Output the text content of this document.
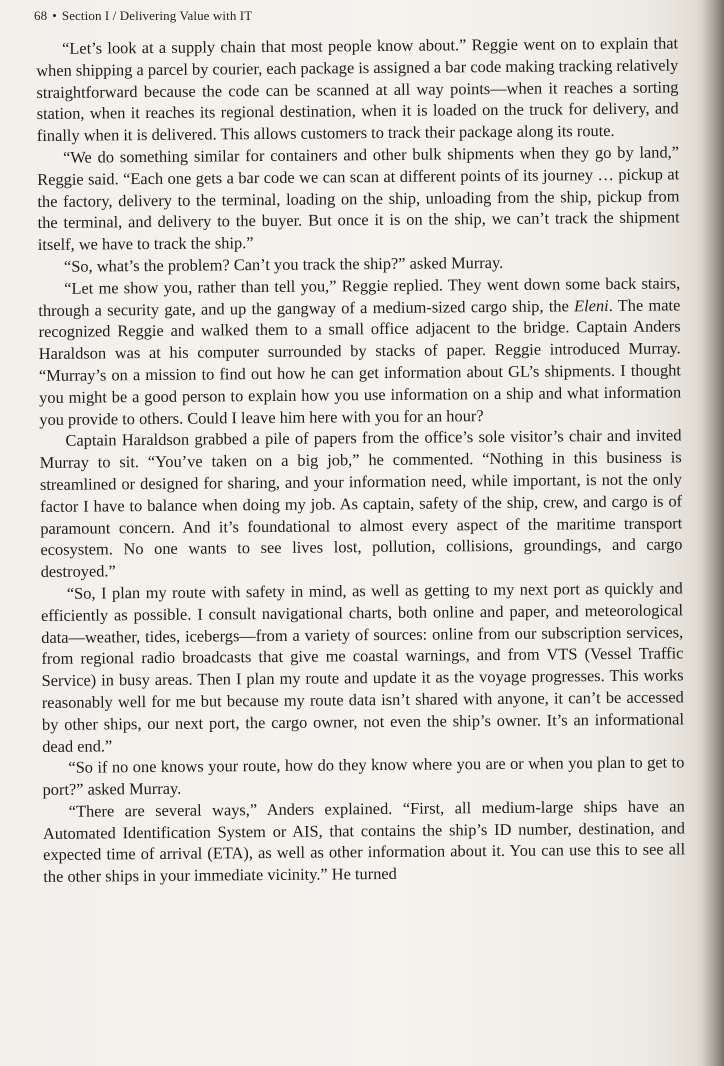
68 • Section I / Delivering Value with IT

“Let’s look at a supply chain that most people know about.” Reggie went on to explain that when shipping a parcel by courier, each package is assigned a bar code making tracking relatively straightforward because the code can be scanned at all way points—when it reaches a sorting station, when it reaches its regional destination, when it is loaded on the truck for delivery, and finally when it is delivered. This allows customers to track their package along its route.

“We do something similar for containers and other bulk shipments when they go by land,” Reggie said. “Each one gets a bar code we can scan at different points of its journey … pickup at the factory, delivery to the terminal, loading on the ship, unloading from the ship, pickup from the terminal, and delivery to the buyer. But once it is on the ship, we can’t track the shipment itself, we have to track the ship.”

“So, what’s the problem? Can’t you track the ship?” asked Murray.

“Let me show you, rather than tell you,” Reggie replied. They went down some back stairs, through a security gate, and up the gangway of a medium-sized cargo ship, the Eleni. The mate recognized Reggie and walked them to a small office adjacent to the bridge. Captain Anders Haraldson was at his computer surrounded by stacks of paper. Reggie introduced Murray. “Murray’s on a mission to find out how he can get information about GL’s shipments. I thought you might be a good person to explain how you use information on a ship and what information you provide to others. Could I leave him here with you for an hour?

Captain Haraldson grabbed a pile of papers from the office’s sole visitor’s chair and invited Murray to sit. “You’ve taken on a big job,” he commented. “Nothing in this business is streamlined or designed for sharing, and your information need, while important, is not the only factor I have to balance when doing my job. As captain, safety of the ship, crew, and cargo is of paramount concern. And it’s foundational to almost every aspect of the maritime transport ecosystem. No one wants to see lives lost, pollution, collisions, groundings, and cargo destroyed.”

“So, I plan my route with safety in mind, as well as getting to my next port as quickly and efficiently as possible. I consult navigational charts, both online and paper, and meteorological data—weather, tides, icebergs—from a variety of sources: online from our subscription services, from regional radio broadcasts that give me coastal warnings, and from VTS (Vessel Traffic Service) in busy areas. Then I plan my route and update it as the voyage progresses. This works reasonably well for me but because my route data isn’t shared with anyone, it can’t be accessed by other ships, our next port, the cargo owner, not even the ship’s owner. It’s an informational dead end.”

“So if no one knows your route, how do they know where you are or when you plan to get to port?” asked Murray.

“There are several ways,” Anders explained. “First, all medium-large ships have an Automated Identification System or AIS, that contains the ship’s ID number, destination, and expected time of arrival (ETA), as well as other information about it. You can use this to see all the other ships in your immediate vicinity.” He turned
